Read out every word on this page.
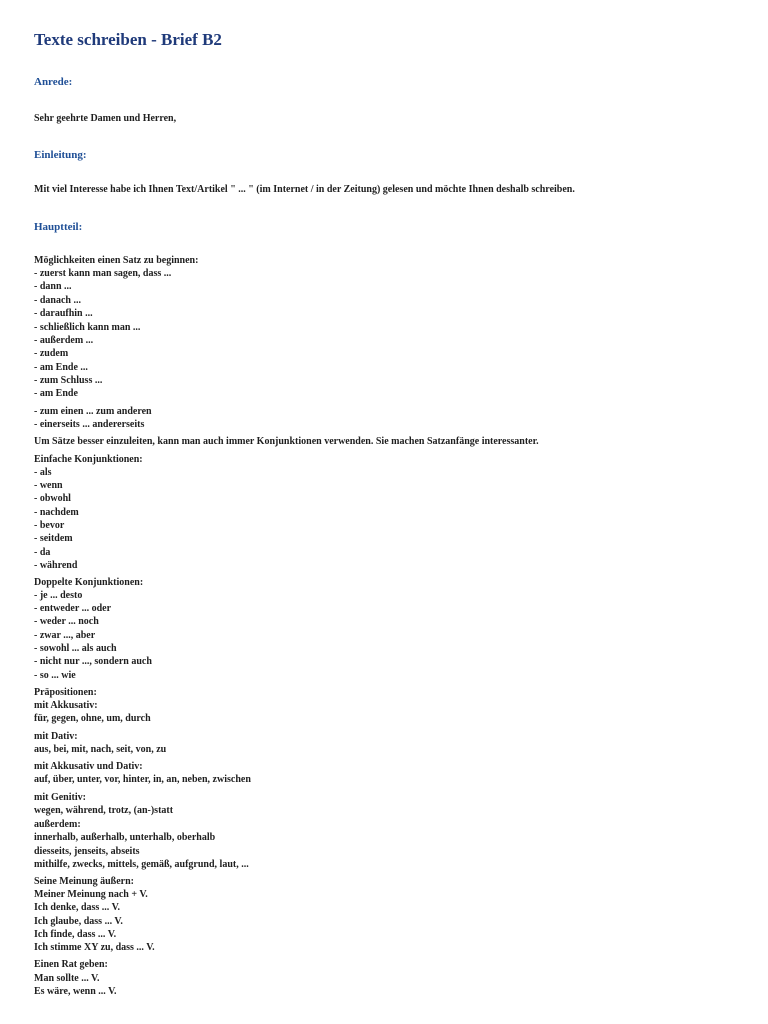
Texte schreiben - Brief B2
Anrede:
Sehr geehrte Damen und Herren,
Einleitung:
Mit viel Interesse habe ich Ihnen Text/Artikel " ... " (im Internet / in der Zeitung) gelesen und möchte Ihnen deshalb schreiben.
Hauptteil:
Möglichkeiten einen Satz zu beginnen:
- zuerst kann man sagen, dass ...
- dann ...
- danach ...
- daraufhin ...
- schließlich kann man ...
- außerdem ...
- zudem
- am Ende ...
- zum Schluss ...
- am Ende
- zum einen ... zum anderen
- einerseits ... andererseits
Um Sätze besser einzuleiten, kann man auch immer Konjunktionen verwenden. Sie machen Satzanfänge interessanter.
Einfache Konjunktionen:
- als
- wenn
- obwohl
- nachdem
- bevor
- seitdem
- da
- während
Doppelte Konjunktionen:
- je ... desto
- entweder ... oder
- weder ... noch
- zwar ..., aber
- sowohl ... als auch
- nicht nur ..., sondern auch
- so ... wie
Präpositionen:
mit Akkusativ:
für, gegen, ohne, um, durch
mit Dativ:
aus, bei, mit, nach, seit, von, zu
mit Akkusativ und Dativ:
auf, über, unter, vor, hinter, in, an, neben, zwischen
mit Genitiv:
wegen, während, trotz, (an-)statt
außerdem:
innerhalb, außerhalb, unterhalb, oberhalb
diesseits, jenseits, abseits
mithilfe, zwecks, mittels, gemäß, aufgrund, laut, ...
Seine Meinung äußern:
Meiner Meinung nach + V.
Ich denke, dass ... V.
Ich glaube, dass ... V.
Ich finde, dass ... V.
Ich stimme XY zu, dass ... V.
Einen Rat geben:
Man sollte ... V.
Es wäre, wenn ... V.
